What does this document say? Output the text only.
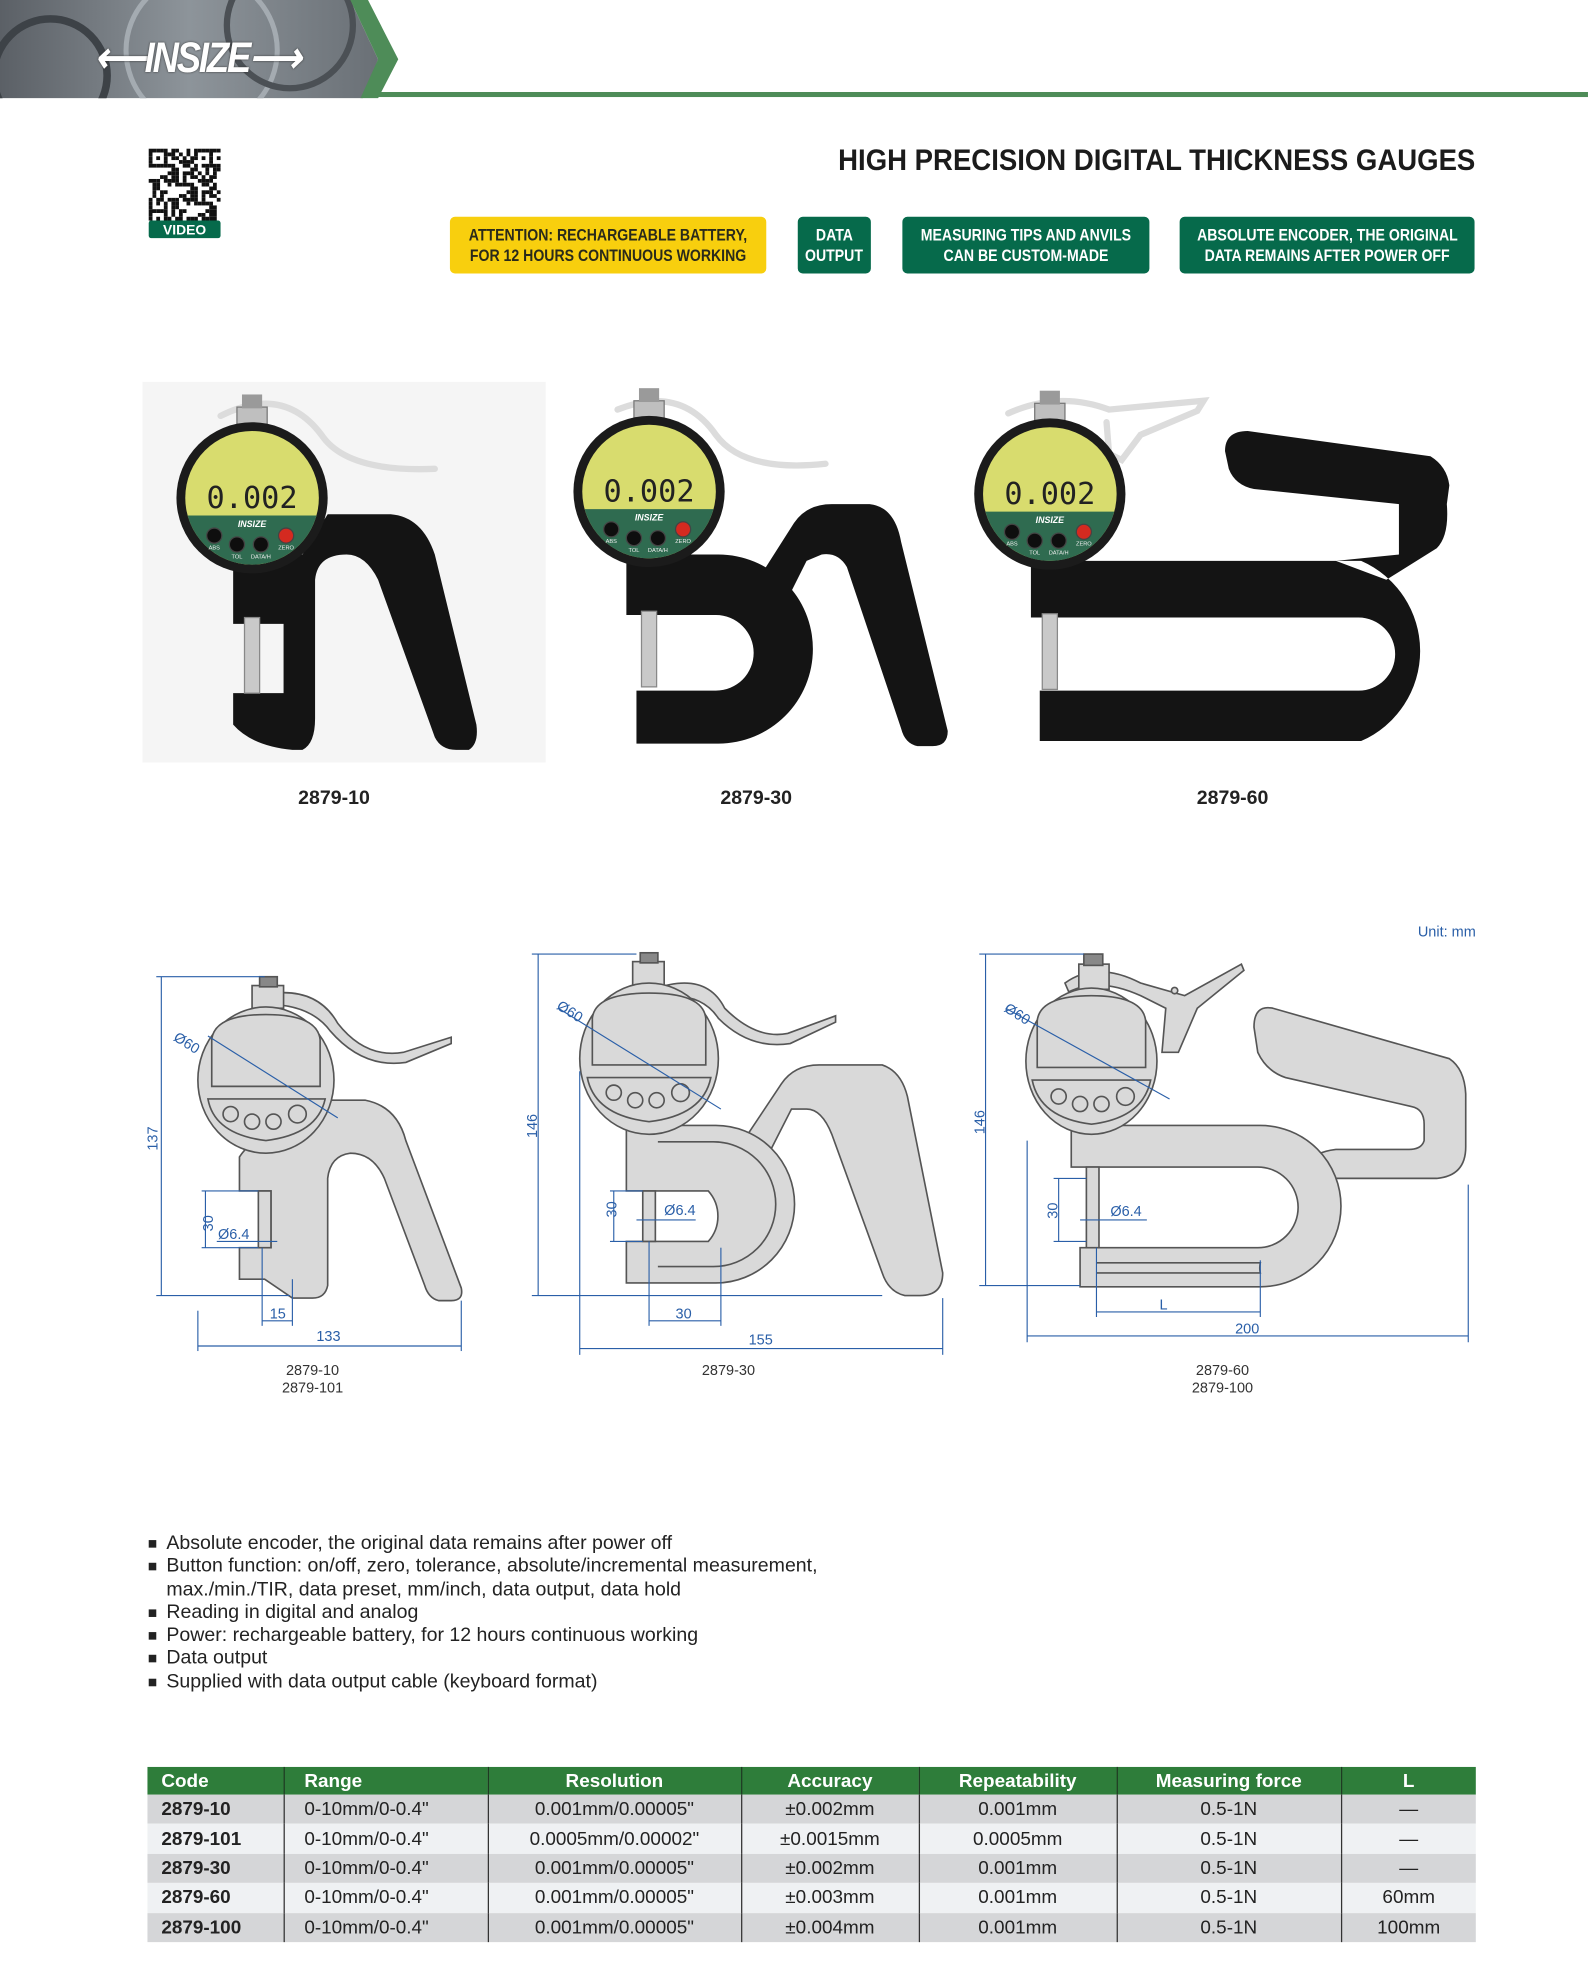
⟵INSIZE⟶
VIDEO
HIGH PRECISION DIGITAL THICKNESS GAUGES
ATTENTION: RECHARGEABLE BATTERY,
FOR 12 HOURS CONTINUOUS WORKING
DATA
OUTPUT
MEASURING TIPS AND ANVILS
CAN BE CUSTOM-MADE
ABSOLUTE ENCODER, THE ORIGINAL
DATA REMAINS AFTER POWER OFF
0.002
INSIZE
ABS
TOL DATA/H
ZERO
0.002
INSIZE
ABS
TOL DATA/H
ZERO
0.002
INSIZE
ABS
TOL DATA/H
ZERO
2879-10	2879-30	2879-60
Unit: mm
137
Ø60
30
Ø6.4
15
133
2879-10
2879-101
146
Ø60
30	Ø6.4
30
155
2879-30
146
Ø60
30	Ø6.4
L
200
2879-60
2879-100
Absolute encoder, the original data remains after power off
Button function: on/off, zero, tolerance, absolute/incremental measurement,
max./min./TIR, data preset, mm/inch, data output, data hold
Reading in digital and analog
Power: rechargeable battery, for 12 hours continuous working
Data output
Supplied with data output cable (keyboard format)
Code	Range	Resolution	Accuracy	Repeatability	Measuring force	L
2879-10	0-10mm/0-0.4"	0.001mm/0.00005"	±0.002mm	0.001mm	0.5-1N	—
2879-101	0-10mm/0-0.4"	0.0005mm/0.00002"	±0.0015mm	0.0005mm	0.5-1N	—
2879-30	0-10mm/0-0.4"	0.001mm/0.00005"	±0.002mm	0.001mm	0.5-1N	—
2879-60	0-10mm/0-0.4"	0.001mm/0.00005"	±0.003mm	0.001mm	0.5-1N	60mm
2879-100	0-10mm/0-0.4"	0.001mm/0.00005"	±0.004mm	0.001mm	0.5-1N	100mm
